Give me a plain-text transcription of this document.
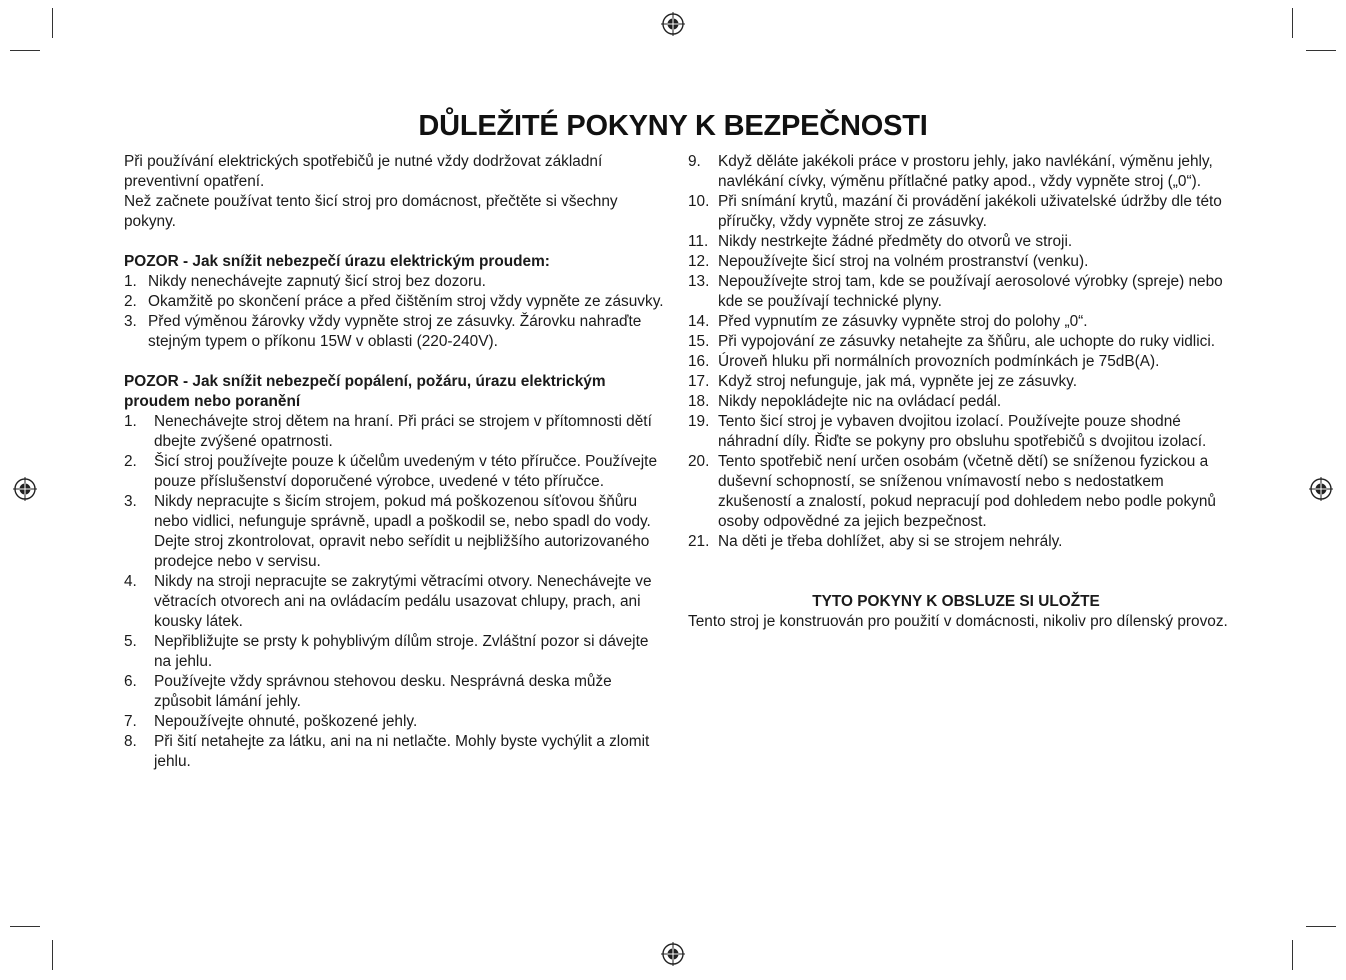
DŮLEŽITÉ POKYNY K BEZPEČNOSTI

Při používání elektrických spotřebičů je nutné vždy dodržovat základní preventivní opatření.

Než začnete používat tento šicí stroj pro domácnost, přečtěte si všechny pokyny.

POZOR - Jak snížit nebezpečí úrazu elektrickým proudem:

1. Nikdy nenechávejte zapnutý šicí stroj bez dozoru.
2. Okamžitě po skončení práce a před čištěním stroj vždy vypněte ze zásuvky.
3. Před výměnou žárovky vždy vypněte stroj ze zásuvky. Žárovku nahraďte stejným typem o příkonu 15W v oblasti (220-240V).

POZOR - Jak snížit nebezpečí popálení, požáru, úrazu elektrickým proudem nebo poranění

1.	Nenechávejte stroj dětem na hraní. Při práci se strojem v přítomnosti dětí dbejte zvýšené opatrnosti.
2.	Šicí stroj používejte pouze k účelům uvedeným v této příručce. Používejte pouze příslušenství doporučené výrobce, uvedené v této příručce.
3.	Nikdy nepracujte s šicím strojem, pokud má poškozenou síťovou šňůru nebo vidlici, nefunguje správně, upadl a poškodil se, nebo spadl do vody. Dejte stroj zkontrolovat, opravit nebo seřídit u nejbližšího autorizovaného prodejce nebo v servisu.
4.	Nikdy na stroji nepracujte se zakrytými větracími otvory. Nenechávejte ve větracích otvorech ani na ovládacím pedálu usazovat chlupy, prach, ani kousky látek.
5.	Nepřibližujte se prsty k pohyblivým dílům stroje. Zvláštní pozor si dávejte na jehlu.
6.	Používejte vždy správnou stehovou desku. Nesprávná deska může způsobit lámání jehly.
7.	Nepoužívejte ohnuté, poškozené jehly.
8.	Při šití netahejte za látku, ani na ni netlačte. Mohly byste vychýlit a zlomit jehlu.
9.	Když děláte jakékoli práce v prostoru jehly, jako navlékání, výměnu jehly, navlékání cívky, výměnu přítlačné patky apod., vždy vypněte stroj („0“).
10. Při snímání krytů, mazání či provádění jakékoli uživatelské údržby dle této příručky, vždy vypněte stroj ze zásuvky.
11. Nikdy nestrkejte žádné předměty do otvorů ve stroji.
12. Nepoužívejte šicí stroj na volném prostranství (venku).
13. Nepoužívejte stroj tam, kde se používají aerosolové výrobky (spreje) nebo kde se používají technické plyny.
14. Před vypnutím ze zásuvky vypněte stroj do polohy „0“.
15. Při vypojování ze zásuvky netahejte za šňůru, ale uchopte do ruky vidlici.
16. Úroveň hluku při normálních provozních podmínkách je 75dB(A).
17. Když stroj nefunguje, jak má, vypněte jej ze zásuvky.
18. Nikdy nepokládejte nic na ovládací pedál.
19. Tento šicí stroj je vybaven dvojitou izolací. Používejte pouze shodné náhradní díly. Řiďte se pokyny pro obsluhu spotřebičů s dvojitou izolací.
20. Tento spotřebič není určen osobám (včetně dětí) se sníženou fyzickou a duševní schopností, se sníženou vnímavostí nebo s nedostatkem zkušeností a znalostí, pokud nepracují pod dohledem nebo podle pokynů osoby odpovědné za jejich bezpečnost.
21. Na děti je třeba dohlížet, aby si se strojem nehrály.

TYTO POKYNY K OBSLUZE SI ULOŽTE

Tento stroj je konstruován pro použití v domácnosti, nikoliv pro dílenský provoz.
